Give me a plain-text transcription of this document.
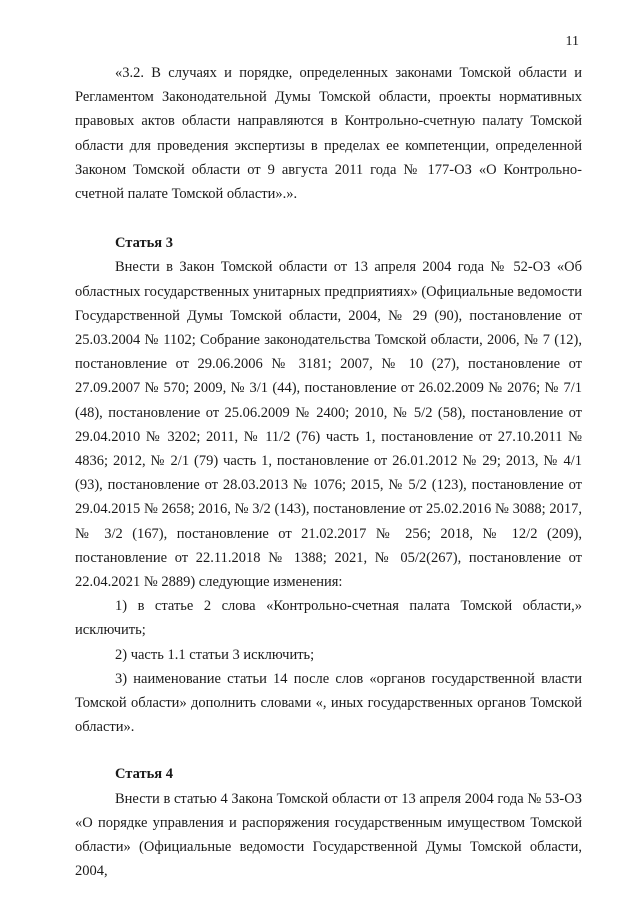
11

«3.2. В случаях и порядке, определенных законами Томской области и Регламентом Законодательной Думы Томской области, проекты нормативных правовых актов области направляются в Контрольно-счетную палату Томской области для проведения экспертизы в пределах ее компетенции, определенной Законом Томской области от 9 августа 2011 года № 177-ОЗ «О Контрольно-счетной палате Томской области».».

Статья 3

Внести в Закон Томской области от 13 апреля 2004 года № 52-ОЗ «Об областных государственных унитарных предприятиях» (Официальные ведомости Государственной Думы Томской области, 2004, № 29 (90), постановление от 25.03.2004 № 1102; Собрание законодательства Томской области, 2006, № 7 (12), постановление от 29.06.2006 № 3181; 2007, № 10 (27), постановление от 27.09.2007 № 570; 2009, № 3/1 (44), постановление от 26.02.2009 № 2076; № 7/1 (48), постановление от 25.06.2009 № 2400; 2010, № 5/2 (58), постановление от 29.04.2010 № 3202; 2011, № 11/2 (76) часть 1, постановление от 27.10.2011 № 4836; 2012, № 2/1 (79) часть 1, постановление от 26.01.2012 № 29; 2013, № 4/1 (93), постановление от 28.03.2013 № 1076; 2015, № 5/2 (123), постановление от 29.04.2015 № 2658; 2016, № 3/2 (143), постановление от 25.02.2016 № 3088; 2017, № 3/2 (167), постановление от 21.02.2017 № 256; 2018, № 12/2 (209), постановление от 22.11.2018 № 1388; 2021, № 05/2(267), постановление от 22.04.2021 № 2889) следующие изменения:

1) в статье 2 слова «Контрольно-счетная палата Томской области,» исключить;

2) часть 1.1 статьи 3 исключить;

3) наименование статьи 14 после слов «органов государственной власти Томской области» дополнить словами «, иных государственных органов Томской области».

Статья 4

Внести в статью 4 Закона Томской области от 13 апреля 2004 года № 53-ОЗ «О порядке управления и распоряжения государственным имуществом Томской области» (Официальные ведомости Государственной Думы Томской области, 2004,
